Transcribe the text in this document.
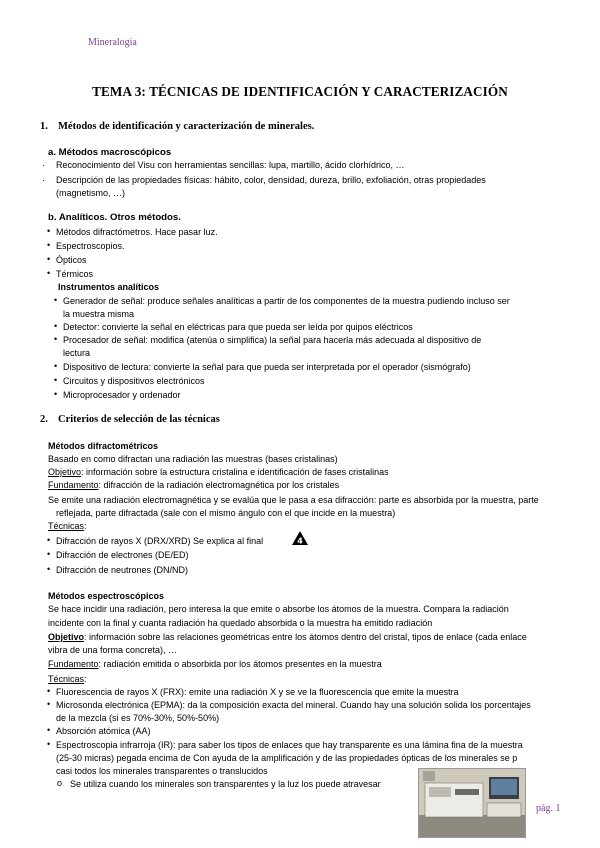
Mineralogía
TEMA 3: TÉCNICAS DE IDENTIFICACIÓN Y CARACTERIZACIÓN
1. Métodos de identificación y caracterización de minerales.
a. Métodos macroscópicos
· Reconocimiento del Visu con herramientas sencillas: lupa, martillo, ácido clorhídrico, …
· Descripción de las propiedades físicas: hábito, color, densidad, dureza, brillo, exfoliación, otras propiedades
(magnetismo, …)
b. Analíticos. Otros métodos.
• Métodos difractómetros. Hace pasar luz.
• Espectroscopios.
• Ópticos
• Térmicos
Instrumentos analíticos
• Generador de señal: produce señales analíticas a partir de los componentes de la muestra pudiendo incluso ser
la muestra misma
• Detector: convierte la señal en eléctricas para que pueda ser leída por quipos eléctricos
• Procesador de señal: modifica (atenúa o simplifica) la señal para hacerla más adecuada al dispositivo de
lectura
• Dispositivo de lectura: convierte la señal para que pueda ser interpretada por el operador (sismógrafo)
• Circuitos y dispositivos electrónicos
• Microprocesador y ordenador
2. Criterios de selección de las técnicas
Métodos difractométricos
Basado en como difractan una radiación las muestras (bases cristalinas)
Objetivo: información sobre la estructura cristalina e identificación de fases cristalinas
Fundamento: difracción de la radiación electromagnética por los cristales
Se emite una radiación electromagnética y se evalúa que le pasa a esa difracción: parte es absorbida por la muestra, parte
reflejada, parte difractada (sale con el mismo ángulo con el que incide en la muestra)
Técnicas:
• Difracción de rayos X (DRX/XRD) Se explica al final	4
• Difracción de electrones (DE/ED)
• Difracción de neutrones (DN/ND)
Métodos espectroscópicos
Se hace incidir una radiación, pero interesa la que emite o absorbe los átomos de la muestra. Compara la radiación
incidente con la final y cuanta radiación ha quedado absorbida o la muestra ha emitido radiación
Objetivo: información sobre las relaciones geométricas entre los átomos dentro del cristal, tipos de enlace (cada enlace
vibra de una forma concreta), …
Fundamento: radiación emitida o absorbida por los átomos presentes en la muestra
Técnicas:
• Fluorescencia de rayos X (FRX): emite una radiación X y se ve la fluorescencia que emite la muestra
• Microsonda electrónica (EPMA): da la composición exacta del mineral. Cuando hay una solución solida los porcentajes
de la mezcla (si es 70%-30%, 50%-50%)
• Absorción atómica (AA)
• Espectroscopia infrarroja (IR): para saber los tipos de enlaces que hay transparente es una lámina fina de la muestra
(25-30 micras) pegada encima de Con ayuda de la amplificación y de las propiedades ópticas de los minerales se p
casi todos los minerales transparentes o translucidos
o Se utiliza cuando los minerales son transparentes y la luz los puede atravesar
pág. 1
